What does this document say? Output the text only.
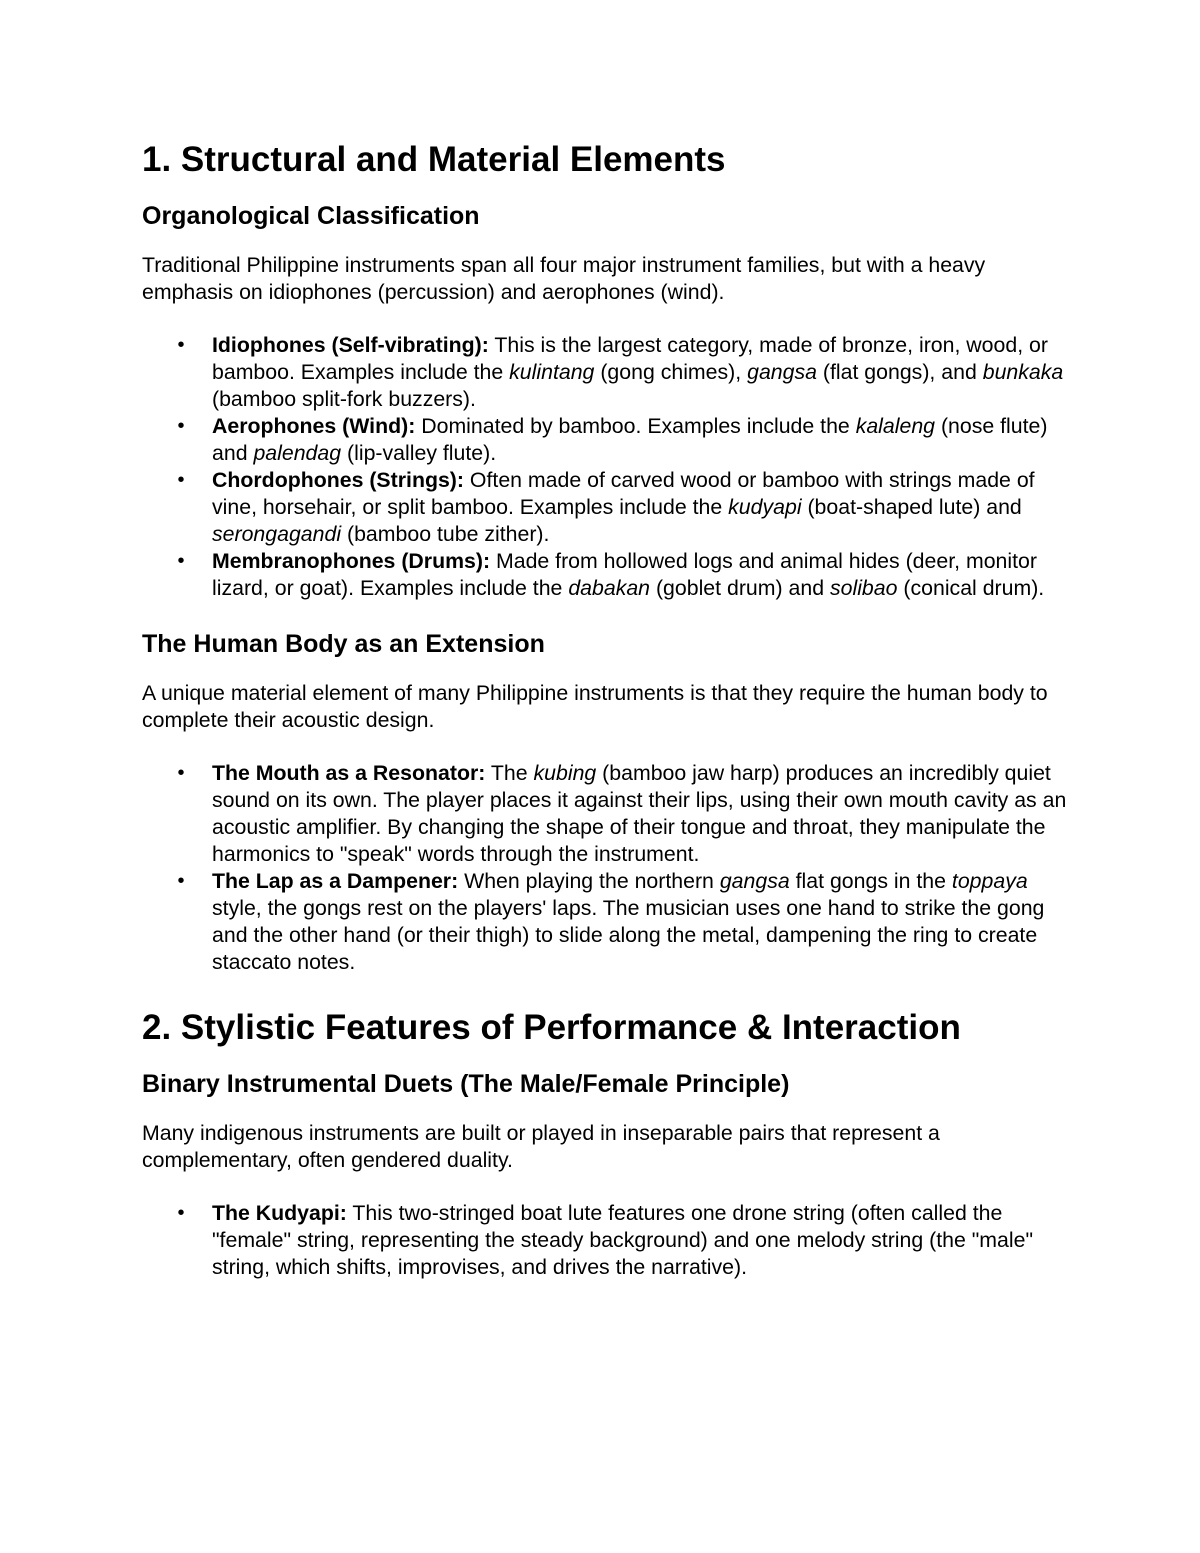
1. Structural and Material Elements
Organological Classification

Traditional Philippine instruments span all four major instrument families, but with a heavy emphasis on idiophones (percussion) and aerophones (wind).

• Idiophones (Self-vibrating): This is the largest category, made of bronze, iron, wood, or bamboo. Examples include the kulintang (gong chimes), gangsa (flat gongs), and bunkaka (bamboo split-fork buzzers).
• Aerophones (Wind): Dominated by bamboo. Examples include the kalaleng (nose flute) and palendag (lip-valley flute).
• Chordophones (Strings): Often made of carved wood or bamboo with strings made of vine, horsehair, or split bamboo. Examples include the kudyapi (boat-shaped lute) and serongagandi (bamboo tube zither).
• Membranophones (Drums): Made from hollowed logs and animal hides (deer, monitor lizard, or goat). Examples include the dabakan (goblet drum) and solibao (conical drum).
The Human Body as an Extension

A unique material element of many Philippine instruments is that they require the human body to complete their acoustic design.

• The Mouth as a Resonator: The kubing (bamboo jaw harp) produces an incredibly quiet sound on its own. The player places it against their lips, using their own mouth cavity as an acoustic amplifier. By changing the shape of their tongue and throat, they manipulate the harmonics to "speak" words through the instrument.
• The Lap as a Dampener: When playing the northern gangsa flat gongs in the toppaya style, the gongs rest on the players' laps. The musician uses one hand to strike the gong and the other hand (or their thigh) to slide along the metal, dampening the ring to create staccato notes.
2. Stylistic Features of Performance & Interaction
Binary Instrumental Duets (The Male/Female Principle)

Many indigenous instruments are built or played in inseparable pairs that represent a complementary, often gendered duality.

• The Kudyapi: This two-stringed boat lute features one drone string (often called the "female" string, representing the steady background) and one melody string (the "male" string, which shifts, improvises, and drives the narrative).
